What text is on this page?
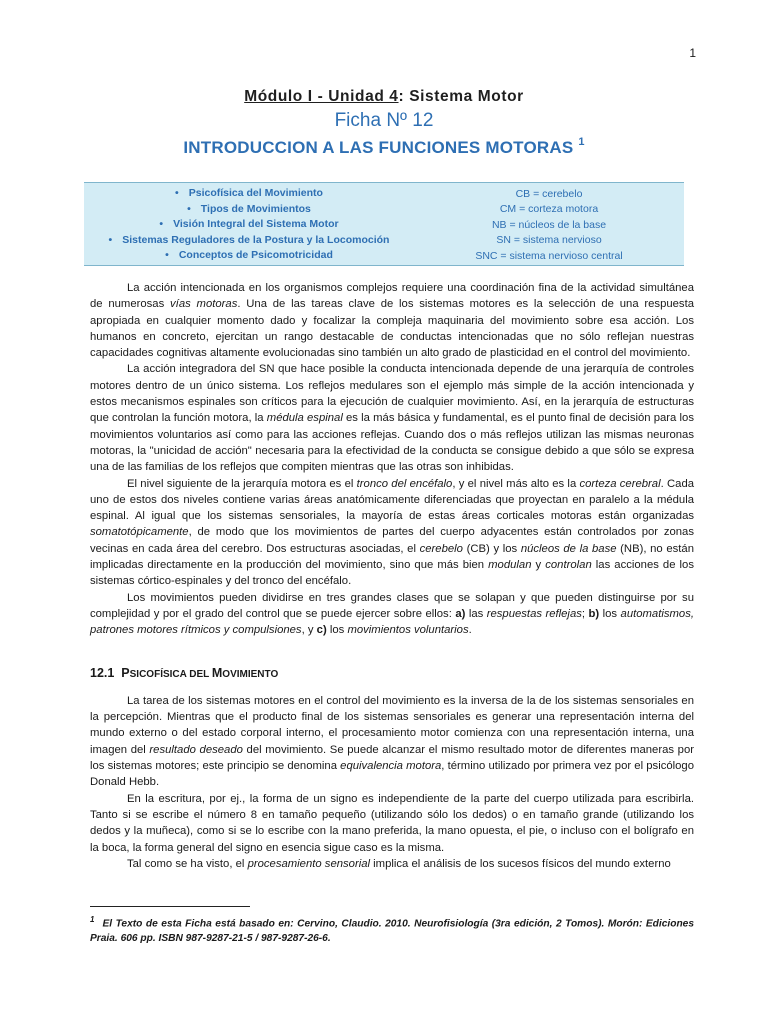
1
Módulo I - Unidad 4: Sistema Motor
Ficha Nº 12
INTRODUCCION A LAS FUNCIONES MOTORAS $^1$
• Psicofísica del Movimiento
• Tipos de Movimientos
• Visión Integral del Sistema Motor
• Sistemas Reguladores de la Postura y la Locomoción
• Conceptos de Psicomotricidad
CB = cerebelo
CM = corteza motora
NB = núcleos de la base
SN = sistema nervioso
SNC = sistema nervioso central

La acción intencionada en los organismos complejos requiere una coordinación fina de la actividad simultánea de numerosas vías motoras. Una de las tareas clave de los sistemas motores es la selección de una respuesta apropiada en cualquier momento dado y focalizar la compleja maquinaria del movimiento sobre esa acción. Los humanos en concreto, ejercitan un rango destacable de conductas intencionadas que no sólo reflejan nuestras capacidades cognitivas altamente evolucionadas sino también un alto grado de plasticidad en el control del movimiento.

La acción integradora del SN que hace posible la conducta intencionada depende de una jerarquía de controles motores dentro de un único sistema. Los reflejos medulares son el ejemplo más simple de la acción intencionada y estos mecanismos espinales son críticos para la ejecución de cualquier movimiento. Así, en la jerarquía de estructuras que controlan la función motora, la médula espinal es la más básica y fundamental, es el punto final de decisión para los movimientos voluntarios así como para las acciones reflejas. Cuando dos o más reflejos utilizan las mismas neuronas motoras, la "unicidad de acción" necesaria para la efectividad de la conducta se consigue debido a que sólo se expresa una de las familias de los reflejos que compiten mientras que las otras son inhibidas.

El nivel siguiente de la jerarquía motora es el tronco del encéfalo, y el nivel más alto es la corteza cerebral. Cada uno de estos dos niveles contiene varias áreas anatómicamente diferenciadas que proyectan en paralelo a la médula espinal. Al igual que los sistemas sensoriales, la mayoría de estas áreas corticales motoras están organizadas somatotópicamente, de modo que los movimientos de partes del cuerpo adyacentes están controlados por zonas vecinas en cada área del cerebro. Dos estructuras asociadas, el cerebelo (CB) y los núcleos de la base (NB), no están implicadas directamente en la producción del movimiento, sino que más bien modulan y controlan las acciones de los sistemas córtico-espinales y del tronco del encéfalo.

Los movimientos pueden dividirse en tres grandes clases que se solapan y que pueden distinguirse por su complejidad y por el grado del control que se puede ejercer sobre ellos: a) las respuestas reflejas; b) los automatismos, patrones motores rítmicos y compulsiones, y c) los movimientos voluntarios.

12.1 PSICOFÍSICA DEL MOVIMIENTO

La tarea de los sistemas motores en el control del movimiento es la inversa de la de los sistemas sensoriales en la percepción. Mientras que el producto final de los sistemas sensoriales es generar una representación interna del mundo externo o del estado corporal interno, el procesamiento motor comienza con una representación interna, una imagen del resultado deseado del movimiento. Se puede alcanzar el mismo resultado motor de diferentes maneras por los sistemas motores; este principio se denomina equivalencia motora, término utilizado por primera vez por el psicólogo Donald Hebb.

En la escritura, por ej., la forma de un signo es independiente de la parte del cuerpo utilizada para escribirla. Tanto si se escribe el número 8 en tamaño pequeño (utilizando sólo los dedos) o en tamaño grande (utilizando los dedos y la muñeca), como si se lo escribe con la mano preferida, la mano opuesta, el pie, o incluso con el bolígrafo en la boca, la forma general del signo en esencia sigue caso es la misma.

Tal como se ha visto, el procesamiento sensorial implica el análisis de los sucesos físicos del mundo externo

$^1$ El Texto de esta Ficha está basado en: Cervino, Claudio. 2010. Neurofisiología (3ra edición, 2 Tomos). Morón: Ediciones Praia. 606 pp. ISBN 987-9287-21-5 / 987-9287-26-6.
